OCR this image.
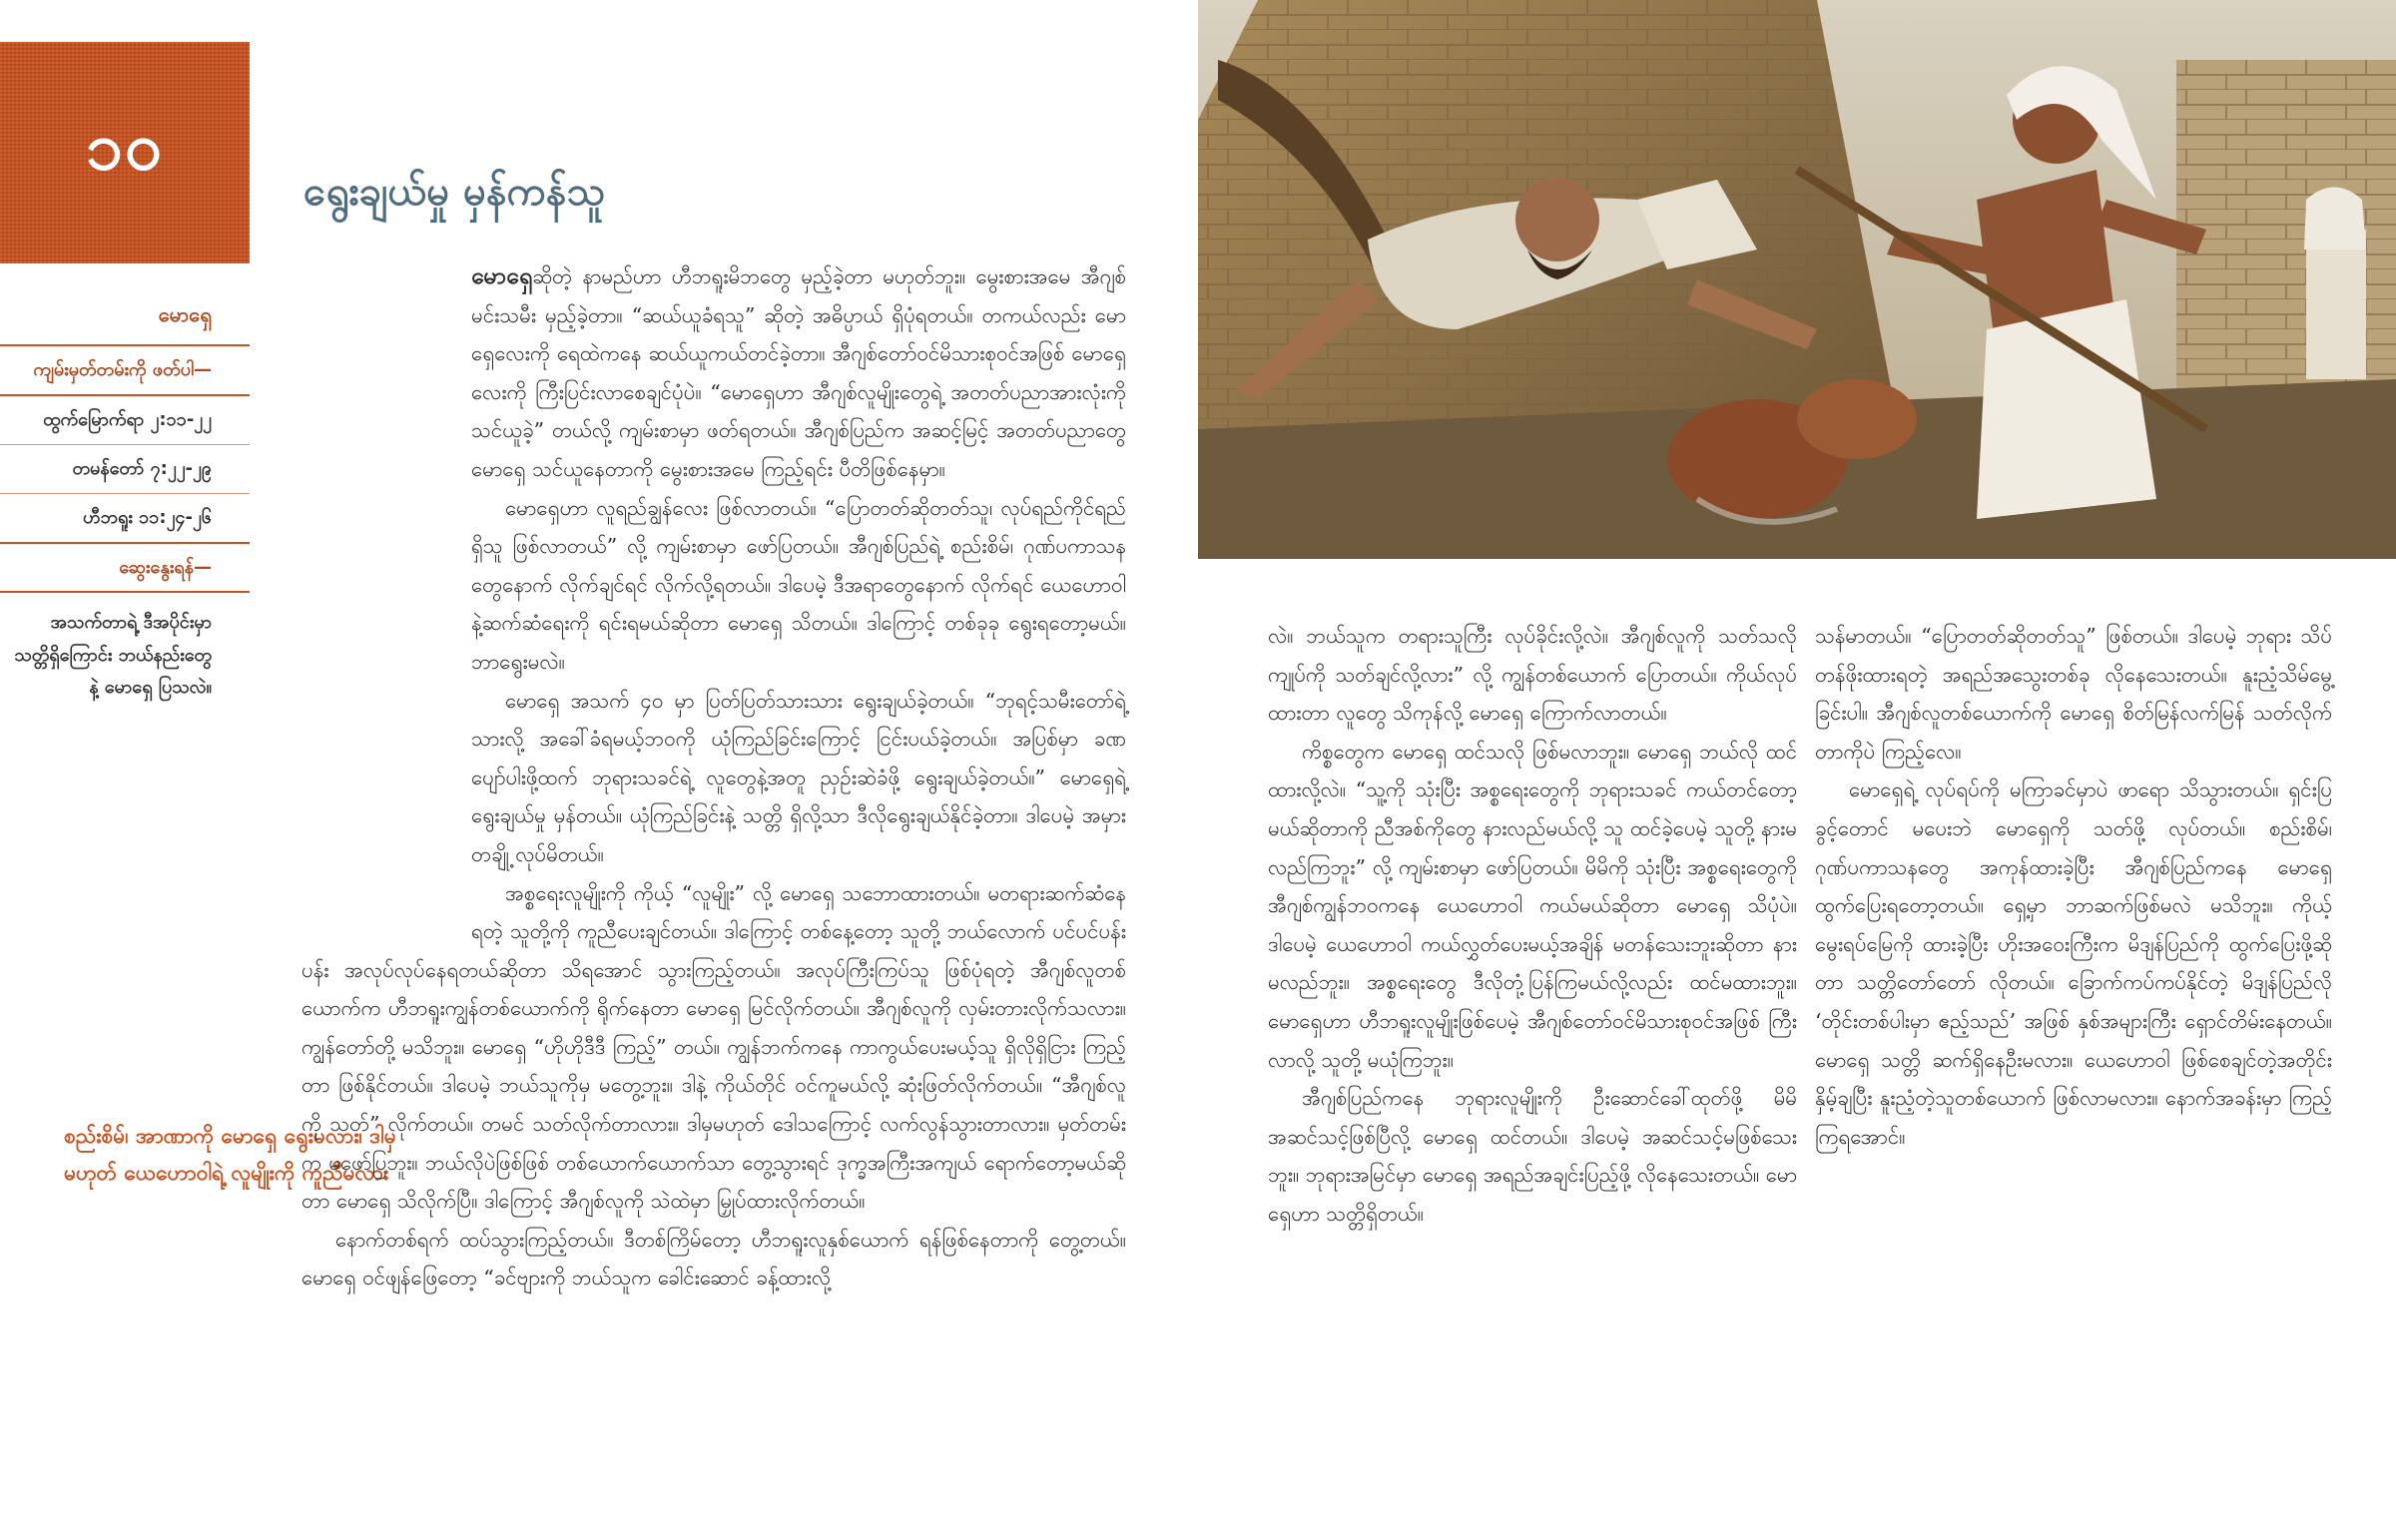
၁၀
မောရှေ
ကျမ်းမှတ်တမ်းကို ဖတ်ပါ—
ထွက်မြောက်ရာ ၂:၁၁-၂၂
တမန်တော် ၇:၂၂-၂၉
ဟီဘရူး ၁၁:၂၄-၂၆
ဆွေးနွေးရန်—
အသက်တာရဲ့ ဒီအပိုင်းမှာ သတ္တိရှိကြောင်း ဘယ်နည်းတွေနဲ့ မောရှေ ပြသလဲ။
စည်းစိမ်၊ အာဏာကို မောရှေ ရွေးမလား၊ ဒါမှမဟုတ် ယေဟောဝါရဲ့ လူမျိုးကို ကူညီမလား
ရွေးချယ်မှု မှန်ကန်သူ

မောရှေဆိုတဲ့ နာမည်ဟာ ဟီဘရူးမိဘတွေ မှည့်ခဲ့တာ မဟုတ်ဘူး။ မွေးစားအမေ အီဂျစ်မင်းသမီး မှည့်ခဲ့တာ။ “ဆယ်ယူခံရသူ” ဆိုတဲ့ အဓိပ္ပာယ် ရှိပုံရတယ်။ တကယ်လည်း မောရှေလေးကို ရေထဲကနေ ဆယ်ယူကယ်တင်ခဲ့တာ။ အီဂျစ်တော်ဝင်မိသားစုဝင်အဖြစ် မောရှေလေးကို ကြီးပြင်းလာစေချင်ပုံပဲ။ “မောရှေဟာ အီဂျစ်လူမျိုးတွေရဲ့ အတတ်ပညာအားလုံးကို သင်ယူခဲ့” တယ်လို့ ကျမ်းစာမှာ ဖတ်ရတယ်။ အီဂျစ်ပြည်က အဆင့်မြင့် အတတ်ပညာတွေ မောရှေ သင်ယူနေတာကို မွေးစားအမေ ကြည့်ရင်း ပီတိဖြစ်နေမှာ။

မောရှေဟာ လူရည်ချွန်လေး ဖြစ်လာတယ်။ “ပြောတတ်ဆိုတတ်သူ၊ လုပ်ရည်ကိုင်ရည်ရှိသူ ဖြစ်လာတယ်” လို့ ကျမ်းစာမှာ ဖော်ပြတယ်။ အီဂျစ်ပြည်ရဲ့ စည်းစိမ်၊ ဂုဏ်ပကာသနတွေနောက် လိုက်ချင်ရင် လိုက်လို့ရတယ်။ ဒါပေမဲ့ ဒီအရာတွေနောက် လိုက်ရင် ယေဟောဝါနဲ့ဆက်ဆံရေးကို ရင်းရမယ်ဆိုတာ မောရှေ သိတယ်။ ဒါကြောင့် တစ်ခုခု ရွေးရတော့မယ်။ ဘာရွေးမလဲ။

မောရှေ အသက် ၄၀ မှာ ပြတ်ပြတ်သားသား ရွေးချယ်ခဲ့တယ်။ “ဘုရင့်သမီးတော်ရဲ့ သားလို့ အခေါ်ခံရမယ့်ဘဝကို ယုံကြည်ခြင်းကြောင့် ငြင်းပယ်ခဲ့တယ်။ အပြစ်မှာ ခဏပျော်ပါးဖို့ထက် ဘုရားသခင်ရဲ့ လူတွေနဲ့အတူ ညှဉ်းဆဲခံဖို့ ရွေးချယ်ခဲ့တယ်။” မောရှေရဲ့ ရွေးချယ်မှု မှန်တယ်။ ယုံကြည်ခြင်းနဲ့ သတ္တိ ရှိလို့သာ ဒီလိုရွေးချယ်နိုင်ခဲ့တာ။ ဒါပေမဲ့ အမှားတချို့ လုပ်မိတယ်။

အစ္စရေးလူမျိုးကို ကိုယ့် “လူမျိုး” လို့ မောရှေ သဘောထားတယ်။ မတရားဆက်ဆံနေရတဲ့ သူတို့ကို ကူညီပေးချင်တယ်။ ဒါကြောင့် တစ်နေ့တော့ သူတို့ ဘယ်လောက် ပင်ပင်ပန်းပန်း အလုပ်လုပ်နေရတယ်ဆိုတာ သိရအောင် သွားကြည့်တယ်။ အလုပ်ကြီးကြပ်သူ ဖြစ်ပုံရတဲ့ အီဂျစ်လူတစ်ယောက်က ဟီဘရူးကျွန်တစ်ယောက်ကို ရိုက်နေတာ မောရှေ မြင်လိုက်တယ်။ အီဂျစ်လူကို လှမ်းတားလိုက်သလား။ ကျွန်တော်တို့ မသိဘူး။ မောရှေ “ဟိုဟိုဒီဒီ ကြည့်” တယ်။ ကျွန်ဘက်ကနေ ကာကွယ်ပေးမယ့်သူ ရှိလိုရှိငြား ကြည့်တာ ဖြစ်နိုင်တယ်။ ဒါပေမဲ့ ဘယ်သူကိုမှ မတွေ့ဘူး။ ဒါနဲ့ ကိုယ်တိုင် ဝင်ကူမယ်လို့ ဆုံးဖြတ်လိုက်တယ်။ “အီဂျစ်လူကို သတ်” လိုက်တယ်။ တမင် သတ်လိုက်တာလား။ ဒါမှမဟုတ် ဒေါသကြောင့် လက်လွန်သွားတာလား။ မှတ်တမ်းက မဖော်ပြဘူး။ ဘယ်လိုပဲဖြစ်ဖြစ် တစ်ယောက်ယောက်သာ တွေ့သွားရင် ဒုက္ခအကြီးအကျယ် ရောက်တော့မယ်ဆိုတာ မောရှေ သိလိုက်ပြီ။ ဒါကြောင့် အီဂျစ်လူကို သဲထဲမှာ မြှုပ်ထားလိုက်တယ်။

နောက်တစ်ရက် ထပ်သွားကြည့်တယ်။ ဒီတစ်ကြိမ်တော့ ဟီဘရူးလူနှစ်ယောက် ရန်ဖြစ်နေတာကို တွေ့တယ်။ မောရှေ ဝင်ဖျန်ဖြေတော့ “ခင်ဗျားကို ဘယ်သူက ခေါင်းဆောင် ခန့်ထားလို့

လဲ။ ဘယ်သူက တရားသူကြီး လုပ်ခိုင်းလို့လဲ။ အီဂျစ်လူကို သတ်သလို ကျုပ်ကို သတ်ချင်လို့လား” လို့ ကျွန်တစ်ယောက် ပြောတယ်။ ကိုယ်လုပ်ထားတာ လူတွေ သိကုန်လို့ မောရှေ ကြောက်လာတယ်။

ကိစ္စတွေက မောရှေ ထင်သလို ဖြစ်မလာဘူး။ မောရှေ ဘယ်လို ထင်ထားလို့လဲ။ “သူ့ကို သုံးပြီး အစ္စရေးတွေကို ဘုရားသခင် ကယ်တင်တော့မယ်ဆိုတာကို ညီအစ်ကိုတွေ နားလည်မယ်လို့ သူ ထင်ခဲ့ပေမဲ့ သူတို့ နားမလည်ကြဘူး” လို့ ကျမ်းစာမှာ ဖော်ပြတယ်။ မိမိကို သုံးပြီး အစ္စရေးတွေကို အီဂျစ်ကျွန်ဘဝကနေ ယေဟောဝါ ကယ်မယ်ဆိုတာ မောရှေ သိပုံပဲ။ ဒါပေမဲ့ ယေဟောဝါ ကယ်လွှတ်ပေးမယ့်အချိန် မတန်သေးဘူးဆိုတာ နားမလည်ဘူး။ အစ္စရေးတွေ ဒီလိုတုံ့ပြန်ကြမယ်လို့လည်း ထင်မထားဘူး။ မောရှေဟာ ဟီဘရူးလူမျိုးဖြစ်ပေမဲ့ အီဂျစ်တော်ဝင်မိသားစုဝင်အဖြစ် ကြီးလာလို့ သူတို့ မယုံကြဘူး။

အီဂျစ်ပြည်ကနေ ဘုရားလူမျိုးကို ဦးဆောင်ခေါ်ထုတ်ဖို့ မိမိ အဆင်သင့်ဖြစ်ပြီလို့ မောရှေ ထင်တယ်။ ဒါပေမဲ့ အဆင်သင့်မဖြစ်သေးဘူး။ ဘုရားအမြင်မှာ မောရှေ အရည်အချင်းပြည့်ဖို့ လိုနေသေးတယ်။ မောရှေဟာ သတ္တိရှိတယ်။

သန်မာတယ်။ “ပြောတတ်ဆိုတတ်သူ” ဖြစ်တယ်။ ဒါပေမဲ့ ဘုရား သိပ်တန်ဖိုးထားရတဲ့ အရည်အသွေးတစ်ခု လိုနေသေးတယ်။ နူးညံ့သိမ်မွေ့ခြင်းပါ။ အီဂျစ်လူတစ်ယောက်ကို မောရှေ စိတ်မြန်လက်မြန် သတ်လိုက်တာကိုပဲ ကြည့်လေ။

မောရှေရဲ့ လုပ်ရပ်ကို မကြာခင်မှာပဲ ဖာရော သိသွားတယ်။ ရှင်းပြခွင့်တောင် မပေးဘဲ မောရှေကို သတ်ဖို့ လုပ်တယ်။ စည်းစိမ်၊ ဂုဏ်ပကာသနတွေ အကုန်ထားခဲ့ပြီး အီဂျစ်ပြည်ကနေ မောရှေ ထွက်ပြေးရတော့တယ်။ ရှေ့မှာ ဘာဆက်ဖြစ်မလဲ မသိဘူး။ ကိုယ့်မွေးရပ်မြေကို ထားခဲ့ပြီး ဟိုးအဝေးကြီးက မိဒျန်ပြည်ကို ထွက်ပြေးဖို့ဆိုတာ သတ္တိတော်တော် လိုတယ်။ ခြောက်ကပ်ကပ်နိုင်တဲ့ မိဒျန်ပြည်လို ‘တိုင်းတစ်ပါးမှာ ဧည့်သည်’ အဖြစ် နှစ်အများကြီး ရှောင်တိမ်းနေတယ်။ မောရှေ သတ္တိ ဆက်ရှိနေဦးမလား။ ယေဟောဝါ ဖြစ်စေချင်တဲ့အတိုင်း နှိမ့်ချပြီး နူးညံ့တဲ့သူတစ်ယောက် ဖြစ်လာမလား။ နောက်အခန်းမှာ ကြည့်ကြရအောင်။
